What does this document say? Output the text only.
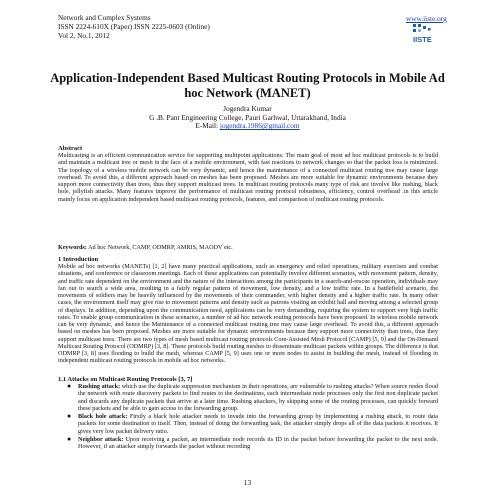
Network and Complex Systems
ISSN 2224-610X (Paper) ISSN 2225-0603 (Online)
Vol 2, No.1, 2012
www.iiste.org
IISTE
Application-Independent Based Multicast Routing Protocols in Mobile Ad hoc Network (MANET)
Jogendra Kumar
G .B. Pant Engineering College, Pauri Garhwal, Uttarakhand, India
E-Mail: jogendra.1986@gmail.com
Abstract
Multicasting is an efficient communication service for supporting multipoint applications. The main goal of most ad hoc multicast protocols is to build and maintain a multicast tree or mesh in the face of a mobile environment, with fast reactions to network changes so that the packet loss is minimized. The topology of a wireless mobile network can be very dynamic, and hence the maintenance of a connected multicast routing tree may cause large overhead. To avoid this, a different approach based on meshes has been proposed. Meshes are more suitable for dynamic environments because they support more connectivity than trees, thus they support multicast trees. In multicast routing protocols many type of risk are involve like rushing, black hole, jellyfish attacks. Many features improve the performance of multicast routing protocol robustness, efficiency, control overhead .in this article mainly focus on application independent based multicast routing protocols, features, and comparison of multicast routing protocols.
Keywords: Ad hoc Network, CAMP, ODMRP, AMRIS, MAODV etc.
1 Introduction
Mobile ad hoc networks (MANETs) [1, 2] have many practical applications, such as emergency and relief operations, military exercises and combat situations, and conference or classroom meetings. Each of these applications can potentially involve different scenarios, with movement pattern, density, and traffic rate dependent on the environment and the nature of the interactions among the participants in a search-and-rescue operation, individuals may fan out to search a wide area, resulting in a fairly regular pattern of movement, low density, and a low traffic rate. In a battlefield scenario, the movements of soldiers may be heavily influenced by the movements of their commander, with higher density and a higher traffic rate. In many other cases, the environment itself may give rise to movement patterns and density such as patrons visiting an exhibit hall and moving among a selected group of displays. In addition, depending upon the communication need, applications can be very demanding, requiring the system to support very high traffic rates. To enable group communication in these scenarios, a number of ad hoc network routing protocols have been proposed. In wireless mobile network can be very dynamic, and hence the Maintenance of a connected multicast routing tree may cause large overhead. To avoid this, a different approach based on meshes has been proposed. Meshes are more suitable for dynamic environments because they support more connectivity than trees, thus they support multicast trees. There are two types of mesh based multicast routing protocols Core-Assisted Mesh Protocol (CAMP) [5, 9] and the On-Demand Multicast Routing Protocol (ODMRP) [3, 8]. These protocols build routing meshes to disseminate multicast packets within groups. The difference is that ODMRP [3, 8] uses flooding to build the mesh, whereas CAMP [5, 9] uses one or more nodes to assist in building the mesh, instead of flooding in independent multicast routing protocols in mobile ad hoc networks.
1.1 Attacks on Multicast Routing Protocols [3, 7]
● Rushing attack: which use the duplicate suppression mechanism in their operations, are vulnerable to rushing attacks? When source nodes flood the network with route discovery packets to find routes to the destinations, each intermediate node processes only the first non duplicate packet and discards any duplicate packets that arrive at a later time. Rushing attackers, by skipping some of the routing processes, can quickly forward these packets and be able to gain access to the forwarding group.
● Black hole attack: Firstly a black hole attacker needs to invade into the forwarding group by implementing a rushing attack, to route data packets for some destination to itself. Then, instead of doing the forwarding task, the attacker simply drops all of the data packets it receives. It gives very low packet delivery ratio.
● Neighbor attack: Upon receiving a packet, an intermediate node records its ID in the packet before forwarding the packet to the next node. However, if an attacker simply forwards the packet without recording
13
